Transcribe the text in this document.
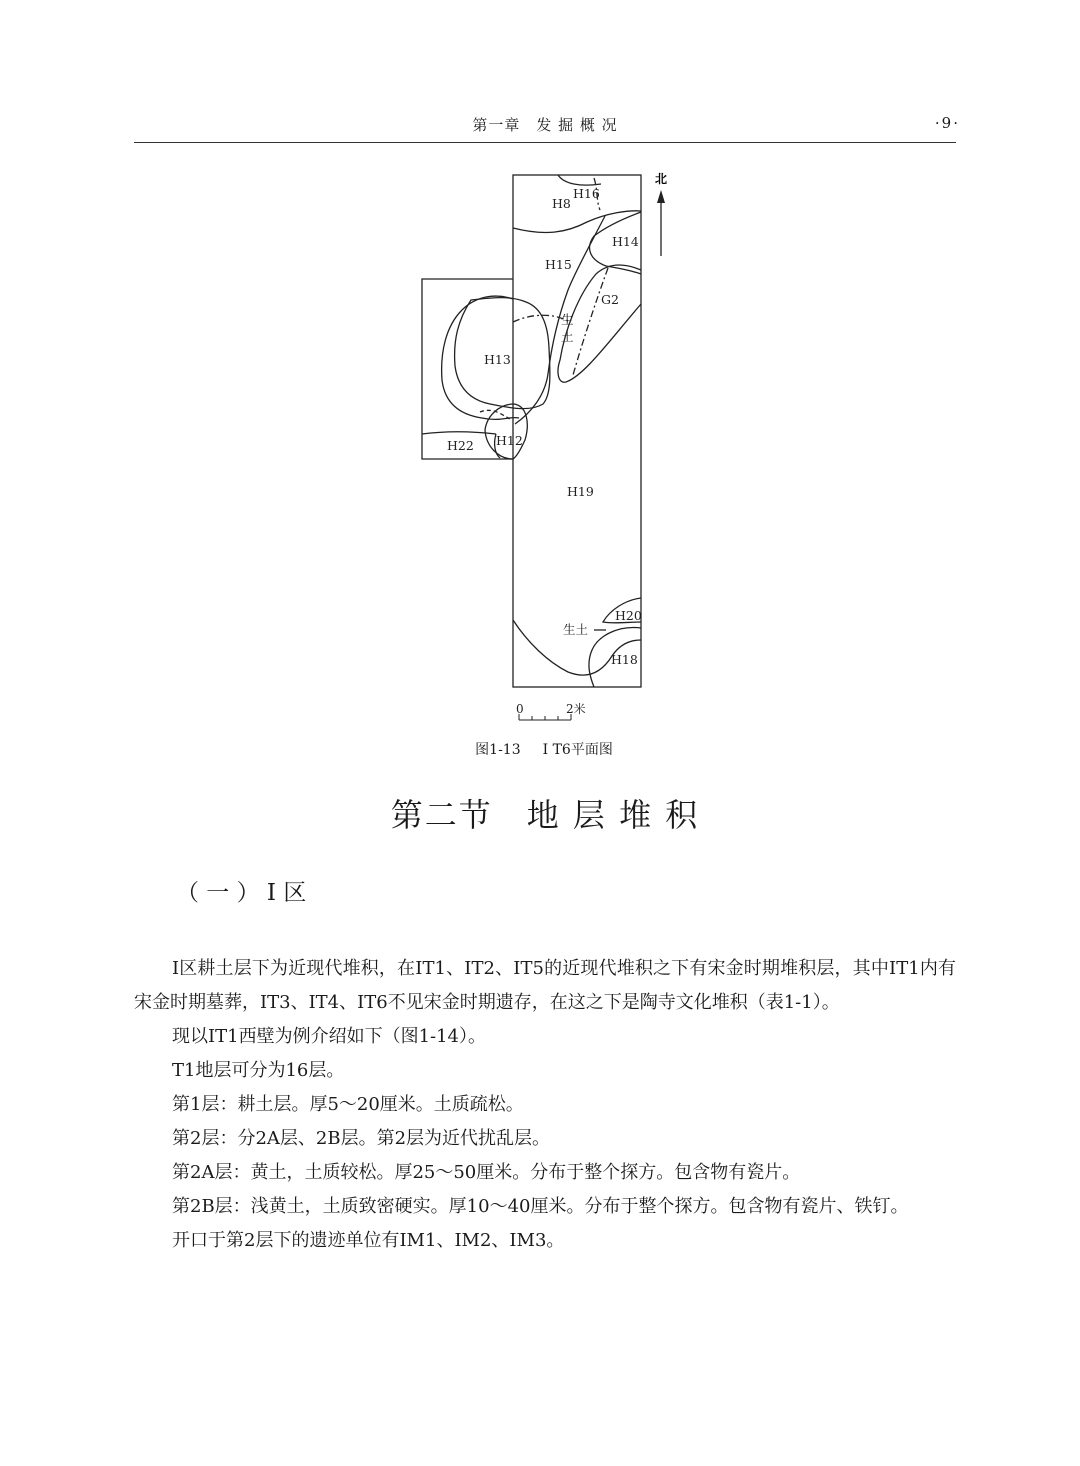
第一章　发 掘 概 况	·9·
北
H16
H8
H14
H15
G2
生
土
H13
H22 H12
H19
H20
生土
H18
0	2米
图1-13 Ⅰ T6平面图
第二节　地 层 堆 积
（ 一 ） Ⅰ 区

Ⅰ区耕土层下为近现代堆积，在ⅠT1、ⅠT2、ⅠT5的近现代堆积之下有宋金时期堆积层，其中ⅠT1内有宋金时期墓葬，ⅠT3、ⅠT4、ⅠT6不见宋金时期遗存，在这之下是陶寺文化堆积（表1-1）。

现以ⅠT1西壁为例介绍如下（图1-14）。

T1地层可分为16层。

第1层：耕土层。厚5～20厘米。土质疏松。

第2层：分2A层、2B层。第2层为近代扰乱层。

第2A层：黄土，土质较松。厚25～50厘米。分布于整个探方。包含物有瓷片。

第2B层：浅黄土，土质致密硬实。厚10～40厘米。分布于整个探方。包含物有瓷片、铁钉。

开口于第2层下的遗迹单位有ⅠM1、ⅠM2、ⅠM3。
